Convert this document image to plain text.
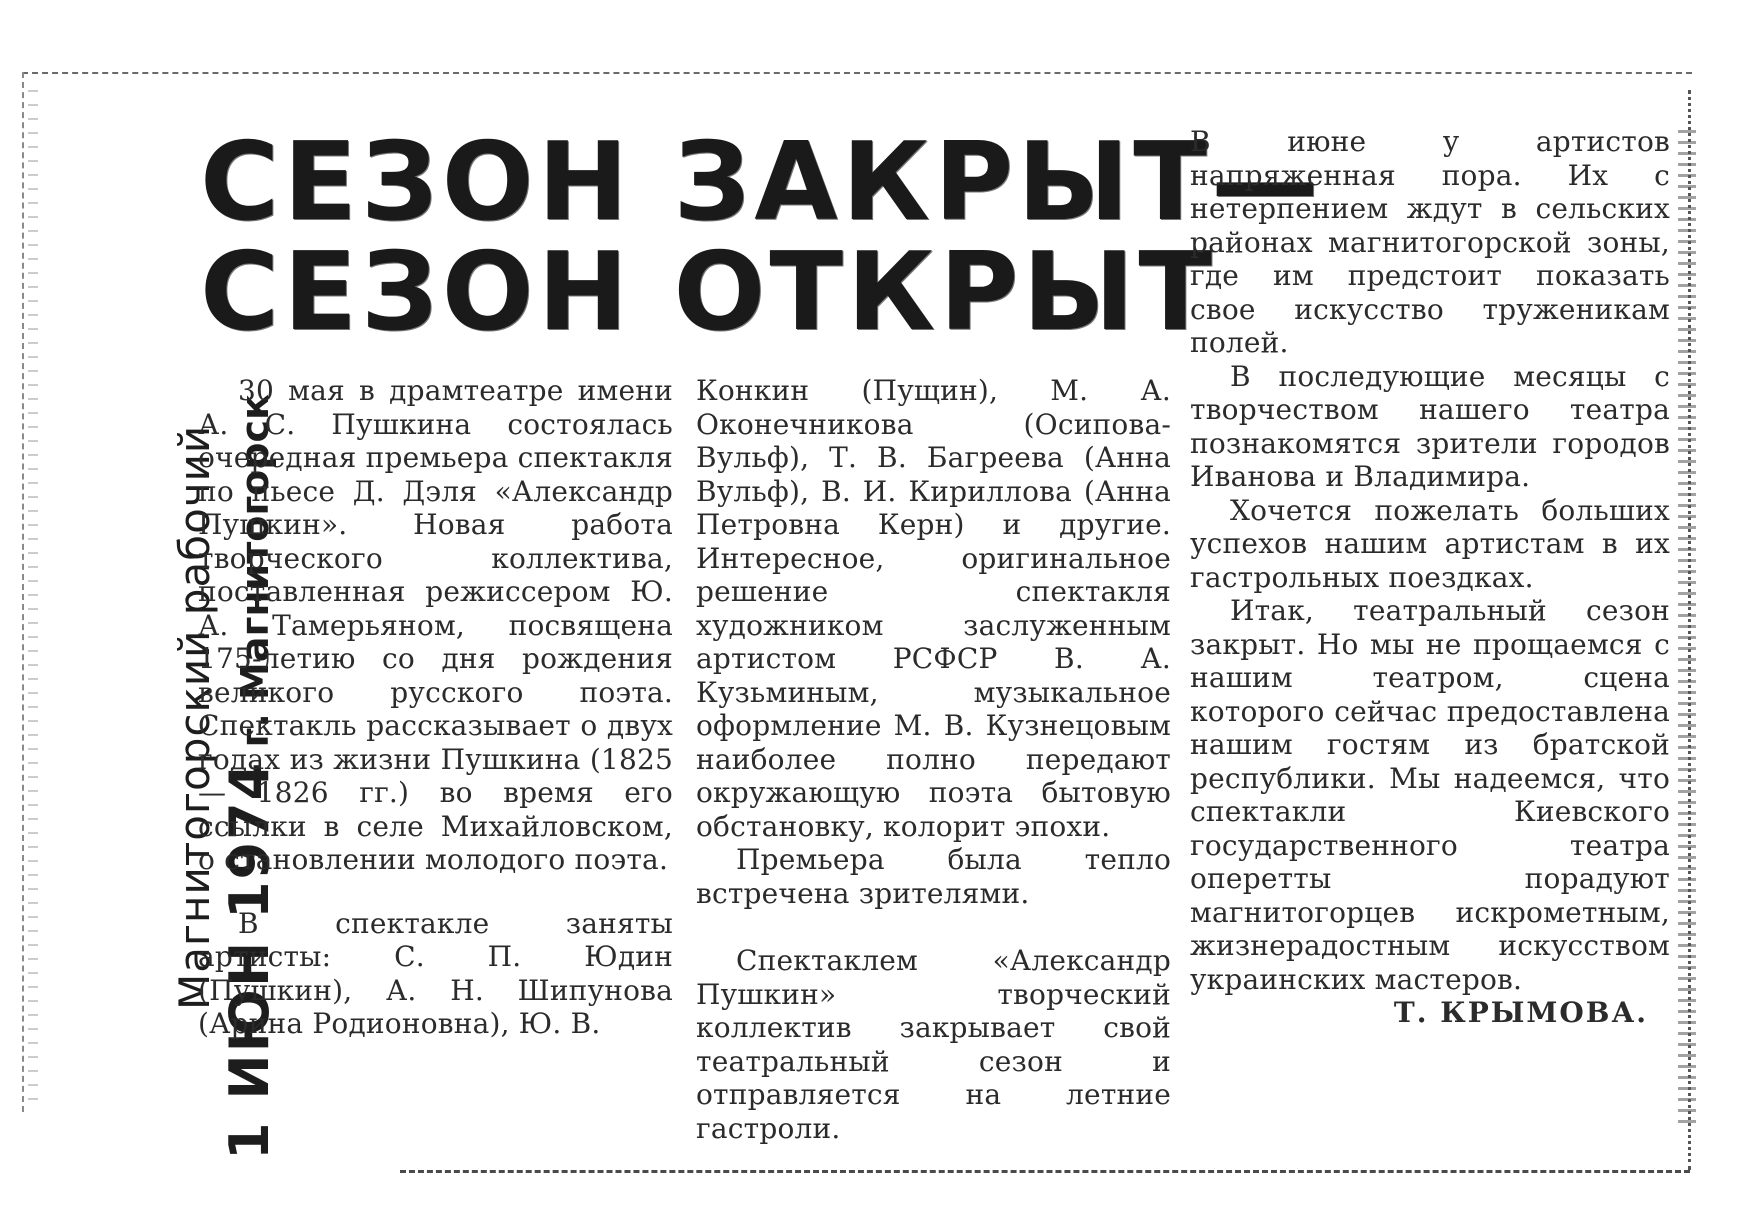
Магнитогорский рабочий 1 ИЮН 1974 г. Магнитогорск
СЕЗОН ЗАКРЫТ—
СЕЗОН ОТКРЫТ

30 мая в драмтеатре имени А. С. Пушкина состоялась очередная премьера спектакля по пьесе Д. Дэля «Александр Пушкин». Новая работа творческого коллектива, поставленная режиссером Ю. А. Тамерьяном, посвящена 175-летию со дня рождения великого русского поэта. Спектакль рассказывает о двух годах из жизни Пушкина (1825 — 1826 гг.) во время его ссылки в селе Михайловском, о становлении молодого поэта.

В спектакле заняты артисты: С. П. Юдин (Пушкин), А. Н. Шипунова (Арина Родионовна), Ю. В.

Конкин (Пущин), М. А. Оконечникова (Осипова-Вульф), Т. В. Багреева (Анна Вульф), В. И. Кириллова (Анна Петровна Керн) и другие. Интересное, оригинальное решение спектакля художником заслуженным артистом РСФСР В. А. Кузьминым, музыкальное оформление М. В. Кузнецовым наиболее полно передают окружающую поэта бытовую обстановку, колорит эпохи.

Премьера была тепло встречена зрителями.

Спектаклем «Александр Пушкин» творческий коллектив закрывает свой театральный сезон и отправляется на летние гастроли.

В июне у артистов напряженная пора. Их с нетерпением ждут в сельских районах магнитогорской зоны, где им предстоит показать свое искусство труженикам полей.

В последующие месяцы с творчеством нашего театра познакомятся зрители городов Иванова и Владимира.

Хочется пожелать больших успехов нашим артистам в их гастрольных поездках.

Итак, театральный сезон закрыт. Но мы не прощаемся с нашим театром, сцена которого сейчас предоставлена нашим гостям из братской республики. Мы надеемся, что спектакли Киевского государственного театра оперетты порадуют магнитогорцев искрометным, жизнерадостным искусством украинских мастеров.

Т. КРЫМОВА.
